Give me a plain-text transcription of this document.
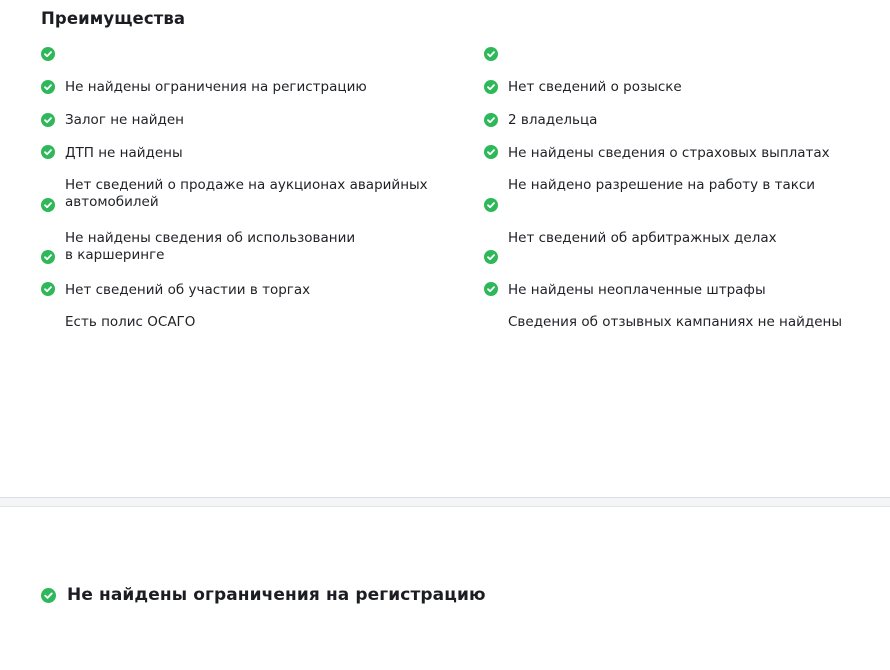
Преимущества

Не найдены ограничения на регистрацию

Залог не найден

ДТП не найдены

Нет сведений о продаже на аукционах аварийных
автомобилей

Не найдены сведения об использовании
в каршеринге

Нет сведений об участии в торгах

Есть полис ОСАГО

Нет сведений о розыске

2 владельца

Не найдены сведения о страховых выплатах

Не найдено разрешение на работу в такси

Нет сведений об арбитражных делах

Не найдены неоплаченные штрафы

Сведения об отзывных кампаниях не найдены

Не найдены ограничения на регистрацию
